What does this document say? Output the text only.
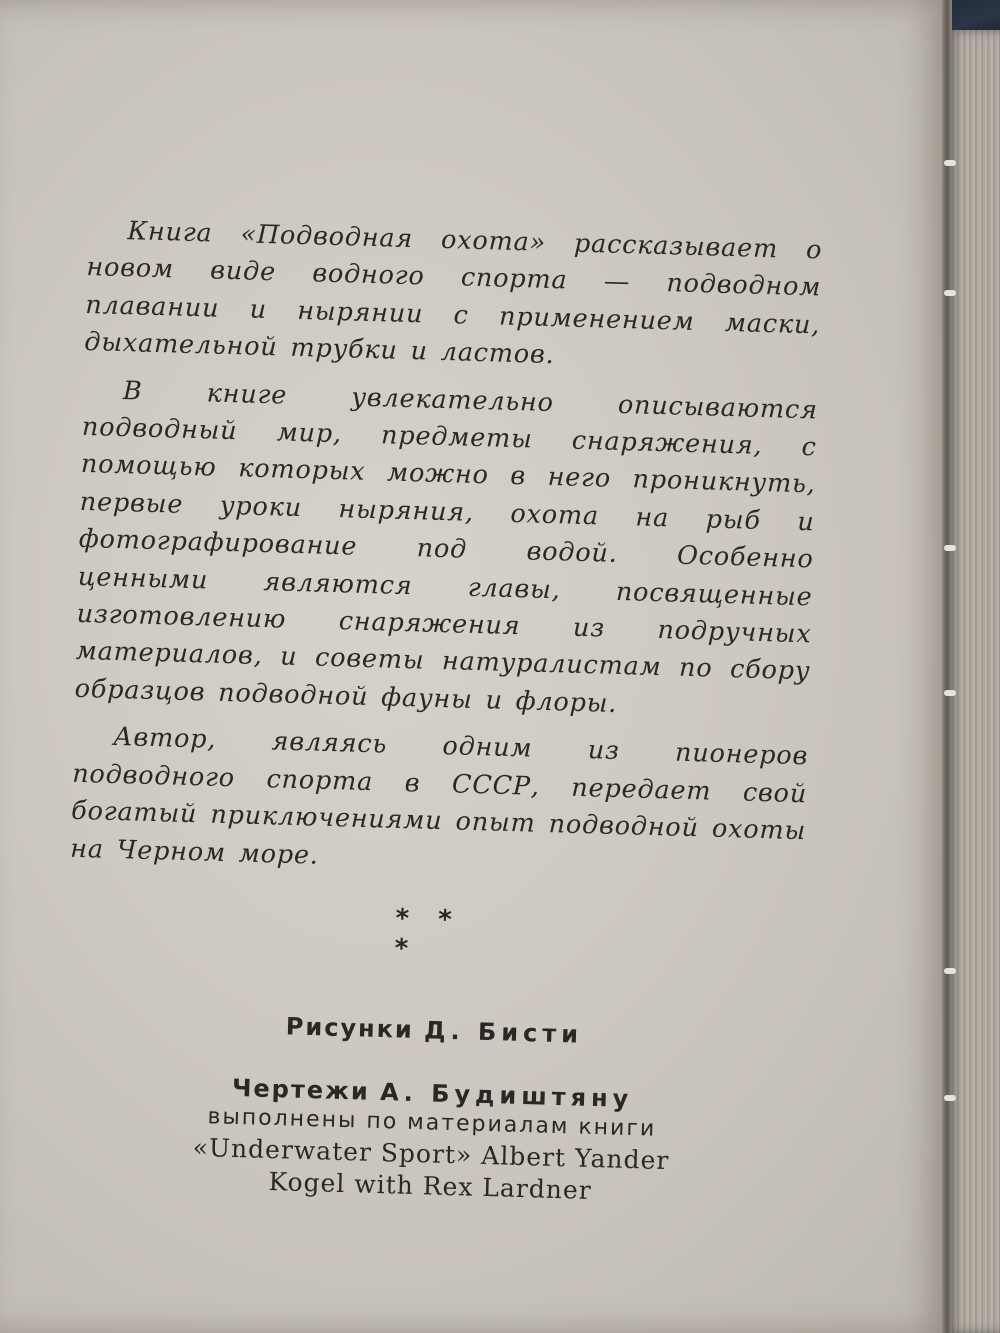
Книга «Подводная охота» рассказывает о новом виде водного спорта — подводном плавании и нырянии с применением маски, дыхательной трубки и ластов.

В книге увлекательно описываются подводный мир, предметы снаряжения, с помощью которых можно в него проникнуть, первые уроки ныряния, охота на рыб и фотографирование под водой. Особенно ценными являются главы, посвященные изготовлению снаряжения из подручных материалов, и советы натуралистам по сбору образцов подводной фауны и флоры.

Автор, являясь одним из пионеров подводного спорта в СССР, передает свой богатый приключениями опыт подводной охоты на Черном море.

* * *

Рисунки Д. Бисти

Чертежи А. Будиштяну

выполнены по материалам книги

«Underwater Sport» Albert Yander

Kogel with Rex Lardner
